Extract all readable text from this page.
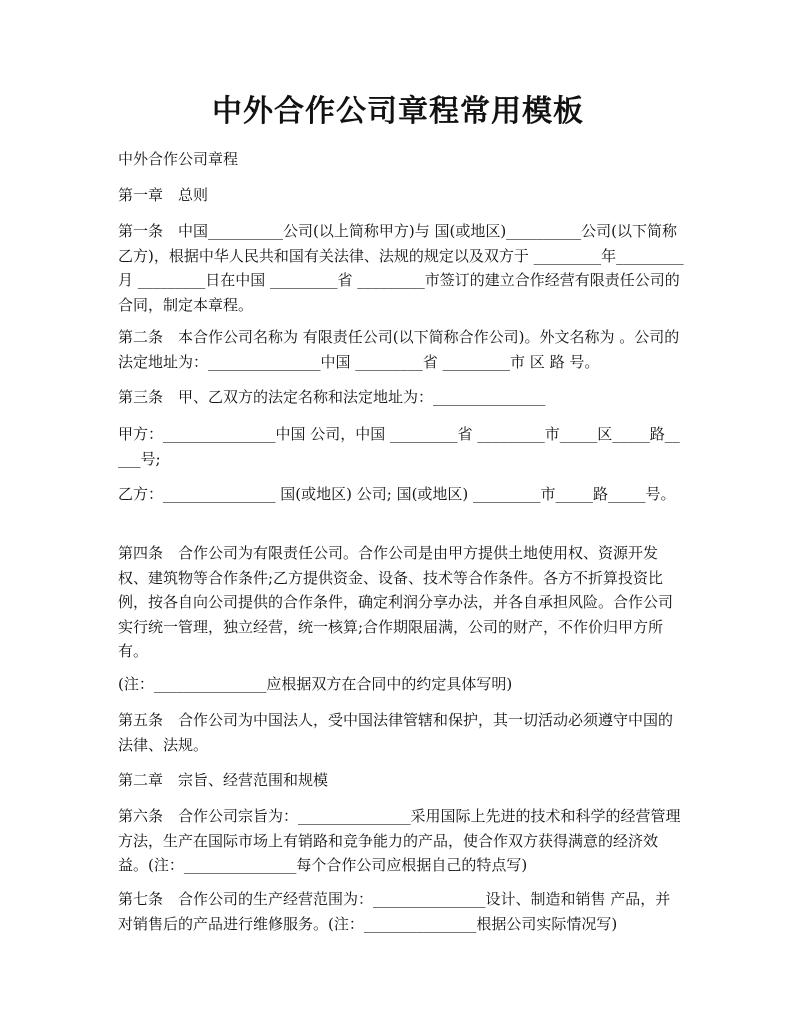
中外合作公司章程常用模板
中外合作公司章程
第一章　总则
第一条　中国__________公司(以上简称甲方)与 国(或地区)__________公司(以下简称乙方)，根据中华人民共和国有关法律、法规的规定以及双方于 _________年_________月 _________日在中国 _________省 _________市签订的建立合作经营有限责任公司的合同，制定本章程。
第二条　本合作公司名称为 有限责任公司(以下简称合作公司)。外文名称为 。公司的法定地址为：_______________中国 _________省 _________市 区 路 号。
第三条　甲、乙双方的法定名称和法定地址为：_______________
甲方：_______________中国 公司，中国 _________省 _________市_____区_____路_____号;
乙方：_______________ 国(或地区) 公司; 国(或地区) _________市_____路_____号。
第四条　合作公司为有限责任公司。合作公司是由甲方提供土地使用权、资源开发权、建筑物等合作条件;乙方提供资金、设备、技术等合作条件。各方不折算投资比例，按各自向公司提供的合作条件，确定利润分享办法，并各自承担风险。合作公司实行统一管理，独立经营，统一核算;合作期限届满，公司的财产，不作价归甲方所有。
(注：_______________应根据双方在合同中的约定具体写明)
第五条　合作公司为中国法人，受中国法律管辖和保护，其一切活动必须遵守中国的法律、法规。
第二章　宗旨、经营范围和规模
第六条　合作公司宗旨为：_______________采用国际上先进的技术和科学的经营管理方法，生产在国际市场上有销路和竞争能力的产品，使合作双方获得满意的经济效益。(注：_______________每个合作公司应根据自己的特点写)
第七条　合作公司的生产经营范围为：_______________设计、制造和销售 产品，并对销售后的产品进行维修服务。(注：_______________根据公司实际情况写)
